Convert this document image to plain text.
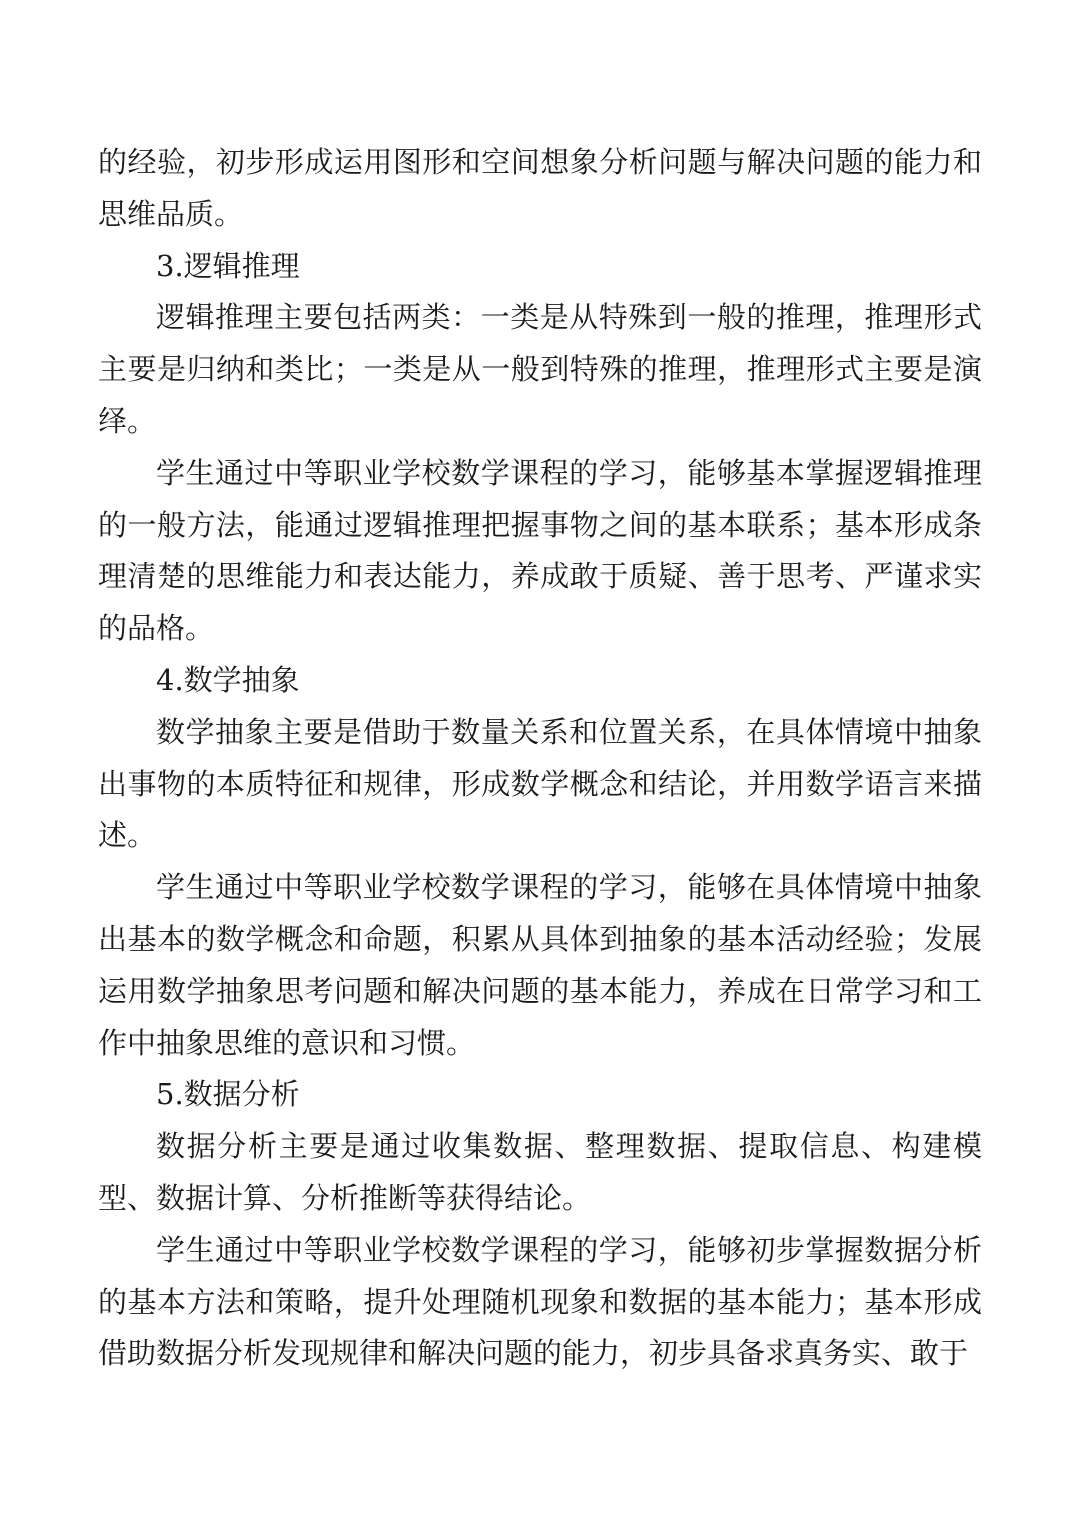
的经验，初步形成运用图形和空间想象分析问题与解决问题的能力和思维品质。

3.逻辑推理

逻辑推理主要包括两类：一类是从特殊到一般的推理，推理形式主要是归纳和类比；一类是从一般到特殊的推理，推理形式主要是演绎。

学生通过中等职业学校数学课程的学习，能够基本掌握逻辑推理的一般方法，能通过逻辑推理把握事物之间的基本联系；基本形成条理清楚的思维能力和表达能力，养成敢于质疑、善于思考、严谨求实的品格。

4.数学抽象

数学抽象主要是借助于数量关系和位置关系，在具体情境中抽象出事物的本质特征和规律，形成数学概念和结论，并用数学语言来描述。

学生通过中等职业学校数学课程的学习，能够在具体情境中抽象出基本的数学概念和命题，积累从具体到抽象的基本活动经验；发展运用数学抽象思考问题和解决问题的基本能力，养成在日常学习和工作中抽象思维的意识和习惯。

5.数据分析

数据分析主要是通过收集数据、整理数据、提取信息、构建模型、数据计算、分析推断等获得结论。

学生通过中等职业学校数学课程的学习，能够初步掌握数据分析的基本方法和策略，提升处理随机现象和数据的基本能力；基本形成借助数据分析发现规律和解决问题的能力，初步具备求真务实、敢于
